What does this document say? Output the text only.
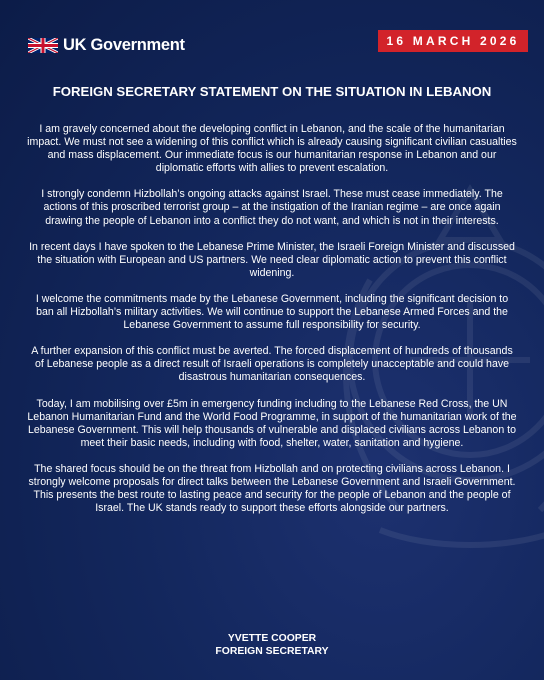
UK Government	16 MARCH 2026
FOREIGN SECRETARY STATEMENT ON THE SITUATION IN LEBANON

I am gravely concerned about the developing conflict in Lebanon, and the scale of the humanitarian impact. We must not see a widening of this conflict which is already causing significant civilian casualties and mass displacement. Our immediate focus is our humanitarian response in Lebanon and our diplomatic efforts with allies to prevent escalation.

I strongly condemn Hizbollah’s ongoing attacks against Israel. These must cease immediately. The actions of this proscribed terrorist group – at the instigation of the Iranian regime – are once again drawing the people of Lebanon into a conflict they do not want, and which is not in their interests.

In recent days I have spoken to the Lebanese Prime Minister, the Israeli Foreign Minister and discussed the situation with European and US partners. We need clear diplomatic action to prevent this conflict widening.

I welcome the commitments made by the Lebanese Government, including the significant decision to ban all Hizbollah’s military activities. We will continue to support the Lebanese Armed Forces and the Lebanese Government to assume full responsibility for security.

A further expansion of this conflict must be averted. The forced displacement of hundreds of thousands of Lebanese people as a direct result of Israeli operations is completely unacceptable and could have disastrous humanitarian consequences.

Today, I am mobilising over £5m in emergency funding including to the Lebanese Red Cross, the UN Lebanon Humanitarian Fund and the World Food Programme, in support of the humanitarian work of the Lebanese Government. This will help thousands of vulnerable and displaced civilians across Lebanon to meet their basic needs, including with food, shelter, water, sanitation and hygiene.

The shared focus should be on the threat from Hizbollah and on protecting civilians across Lebanon. I strongly welcome proposals for direct talks between the Lebanese Government and Israeli Government. This presents the best route to lasting peace and security for the people of Lebanon and the people of Israel. The UK stands ready to support these efforts alongside our partners.

YVETTE COOPER
FOREIGN SECRETARY
